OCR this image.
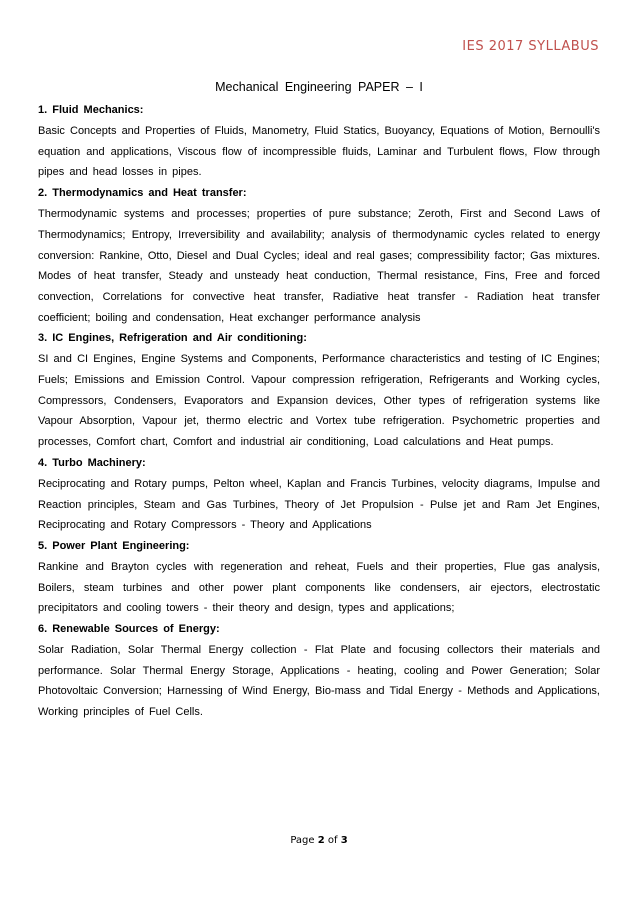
IES 2017 SYLLABUS
Mechanical Engineering PAPER – I
1. Fluid Mechanics:

Basic Concepts and Properties of Fluids, Manometry, Fluid Statics, Buoyancy, Equations of Motion, Bernoulli's equation and applications, Viscous flow of incompressible fluids, Laminar and Turbulent flows, Flow through pipes and head losses in pipes.

2. Thermodynamics and Heat transfer:

Thermodynamic systems and processes; properties of pure substance; Zeroth, First and Second Laws of Thermodynamics; Entropy, Irreversibility and availability; analysis of thermodynamic cycles related to energy conversion: Rankine, Otto, Diesel and Dual Cycles; ideal and real gases; compressibility factor; Gas mixtures. Modes of heat transfer, Steady and unsteady heat conduction, Thermal resistance, Fins, Free and forced convection, Correlations for convective heat transfer, Radiative heat transfer - Radiation heat transfer coefficient; boiling and condensation, Heat exchanger performance analysis

3. IC Engines, Refrigeration and Air conditioning:

SI and CI Engines, Engine Systems and Components, Performance characteristics and testing of IC Engines; Fuels; Emissions and Emission Control. Vapour compression refrigeration, Refrigerants and Working cycles, Compressors, Condensers, Evaporators and Expansion devices, Other types of refrigeration systems like Vapour Absorption, Vapour jet, thermo electric and Vortex tube refrigeration. Psychometric properties and processes, Comfort chart, Comfort and industrial air conditioning, Load calculations and Heat pumps.

4. Turbo Machinery:

Reciprocating and Rotary pumps, Pelton wheel, Kaplan and Francis Turbines, velocity diagrams, Impulse and Reaction principles, Steam and Gas Turbines, Theory of Jet Propulsion - Pulse jet and Ram Jet Engines, Reciprocating and Rotary Compressors - Theory and Applications

5. Power Plant Engineering:

Rankine and Brayton cycles with regeneration and reheat, Fuels and their properties, Flue gas analysis, Boilers, steam turbines and other power plant components like condensers, air ejectors, electrostatic precipitators and cooling towers - their theory and design, types and applications;

6. Renewable Sources of Energy:

Solar Radiation, Solar Thermal Energy collection - Flat Plate and focusing collectors their materials and performance. Solar Thermal Energy Storage, Applications - heating, cooling and Power Generation; Solar Photovoltaic Conversion; Harnessing of Wind Energy, Bio-mass and Tidal Energy - Methods and Applications, Working principles of Fuel Cells.

Page 2 of 3
